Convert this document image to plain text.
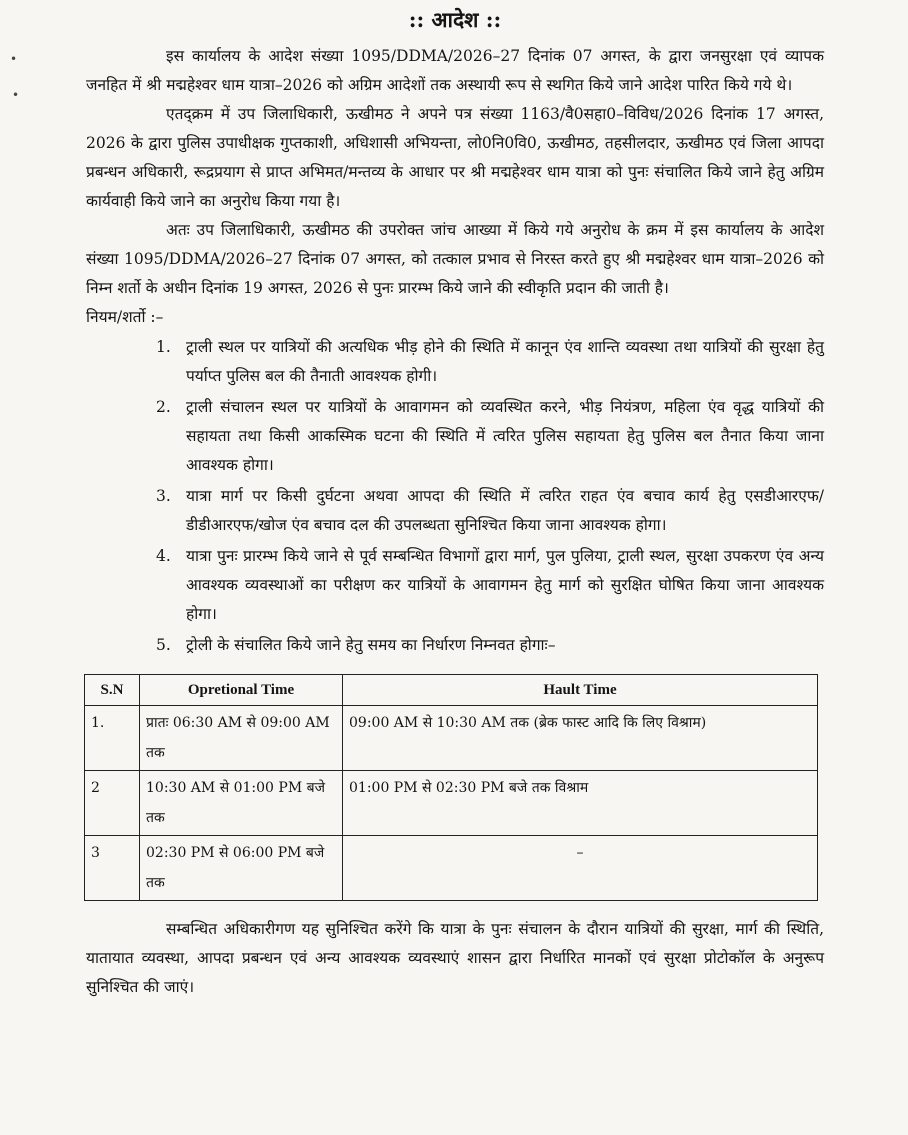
•
•
:: आदेश ::

इस कार्यालय के आदेश संख्या 1095/DDMA/2026–27 दिनांक 07 अगस्त, के द्वारा जनसुरक्षा एवं व्यापक जनहित में श्री मद्महेश्वर धाम यात्रा–2026 को अग्रिम आदेशों तक अस्थायी रूप से स्थगित किये जाने आदेश पारित किये गये थे।

एतद्क्रम में उप जिलाधिकारी, ऊखीमठ ने अपने पत्र संख्या 1163/वै0सहा0–विविध/2026 दिनांक 17 अगस्त, 2026 के द्वारा पुलिस उपाधीक्षक गुप्तकाशी, अधिशासी अभियन्ता, लो0नि0वि0, ऊखीमठ, तहसीलदार, ऊखीमठ एवं जिला आपदा प्रबन्धन अधिकारी, रूद्रप्रयाग से प्राप्त अभिमत/मन्तव्य के आधार पर श्री मद्महेश्वर धाम यात्रा को पुनः संचालित किये जाने हेतु अग्रिम कार्यवाही किये जाने का अनुरोध किया गया है।

अतः उप जिलाधिकारी, ऊखीमठ की उपरोक्त जांच आख्या में किये गये अनुरोध के क्रम में इस कार्यालय के आदेश संख्या 1095/DDMA/2026–27 दिनांक 07 अगस्त, को तत्काल प्रभाव से निरस्त करते हुए श्री मद्महेश्वर धाम यात्रा–2026 को निम्न शर्तो के अधीन दिनांक 19 अगस्त, 2026 से पुनः प्रारम्भ किये जाने की स्वीकृति प्रदान की जाती है।

नियम/शर्तो :–

1. ट्राली स्थल पर यात्रियों की अत्यधिक भीड़ होने की स्थिति में कानून एंव शान्ति व्यवस्था तथा यात्रियों की सुरक्षा हेतु पर्याप्त पुलिस बल की तैनाती आवश्यक होगी।
2. ट्राली संचालन स्थल पर यात्रियों के आवागमन को व्यवस्थित करने, भीड़ नियंत्रण, महिला एंव वृद्ध यात्रियों की सहायता तथा किसी आकस्मिक घटना की स्थिति में त्वरित पुलिस सहायता हेतु पुलिस बल तैनात किया जाना आवश्यक होगा।
3. यात्रा मार्ग पर किसी दुर्घटना अथवा आपदा की स्थिति में त्वरित राहत एंव बचाव कार्य हेतु एसडीआरएफ/डीडीआरएफ/खोज एंव बचाव दल की उपलब्धता सुनिश्चित किया जाना आवश्यक होगा।
4. यात्रा पुनः प्रारम्भ किये जाने से पूर्व सम्बन्धित विभागों द्वारा मार्ग, पुल पुलिया, ट्राली स्थल, सुरक्षा उपकरण एंव अन्य आवश्यक व्यवस्थाओं का परीक्षण कर यात्रियों के आवागमन हेतु मार्ग को सुरक्षित घोषित किया जाना आवश्यक होगा।
5. ट्रोली के संचालित किये जाने हेतु समय का निर्धारण निम्नवत होगाः–
S.N	Opretional Time	Hault Time
1.	प्रातः 06:30 AM से 09:00 AM तक	09:00 AM से 10:30 AM तक (ब्रेक फास्ट आदि कि लिए विश्राम)
2	10:30 AM से 01:00 PM बजे तक	01:00 PM से 02:30 PM बजे तक विश्राम
3	02:30 PM से 06:00 PM बजे तक	–

सम्बन्धित अधिकारीगण यह सुनिश्चित करेंगे कि यात्रा के पुनः संचालन के दौरान यात्रियों की सुरक्षा, मार्ग की स्थिति, यातायात व्यवस्था, आपदा प्रबन्धन एवं अन्य आवश्यक व्यवस्थाएं शासन द्वारा निर्धारित मानकों एवं सुरक्षा प्रोटोकॉल के अनुरूप सुनिश्चित की जाएं।
